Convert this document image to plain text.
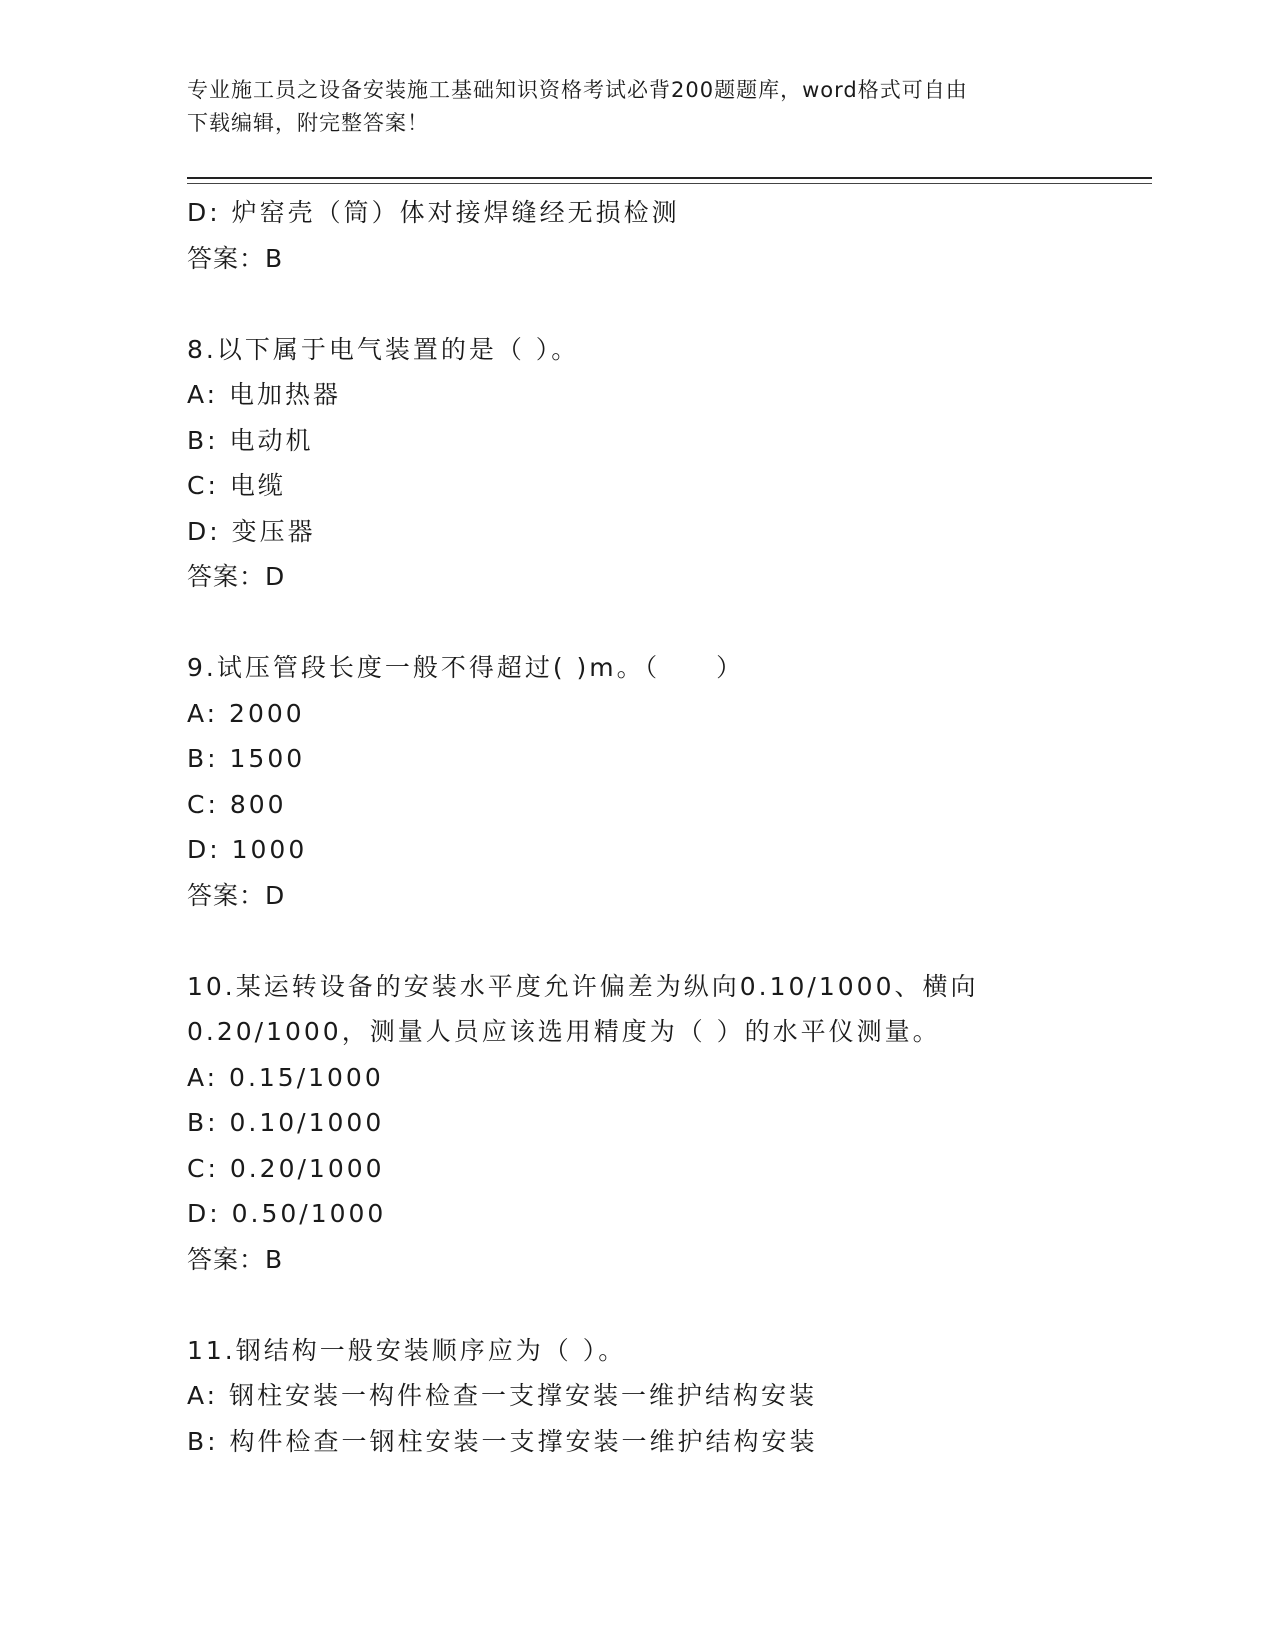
专业施工员之设备安装施工基础知识资格考试必背200题题库，word格式可自由
下载编辑，附完整答案！
D: 炉窑壳（筒）体对接焊缝经无损检测
答案：B
8.以下属于电气装置的是（ ）。
A: 电加热器
B: 电动机
C: 电缆
D: 变压器
答案：D
9.试压管段长度一般不得超过( )m。（　　）
A: 2000
B: 1500
C: 800
D: 1000
答案：D
10.某运转设备的安装水平度允许偏差为纵向0.10/1000、横向
0.20/1000，测量人员应该选用精度为（ ）的水平仪测量。
A: 0.15/1000
B: 0.10/1000
C: 0.20/1000
D: 0.50/1000
答案：B
11.钢结构一般安装顺序应为（ ）。
A: 钢柱安装一构件检查一支撑安装一维护结构安装
B: 构件检查一钢柱安装一支撑安装一维护结构安装
